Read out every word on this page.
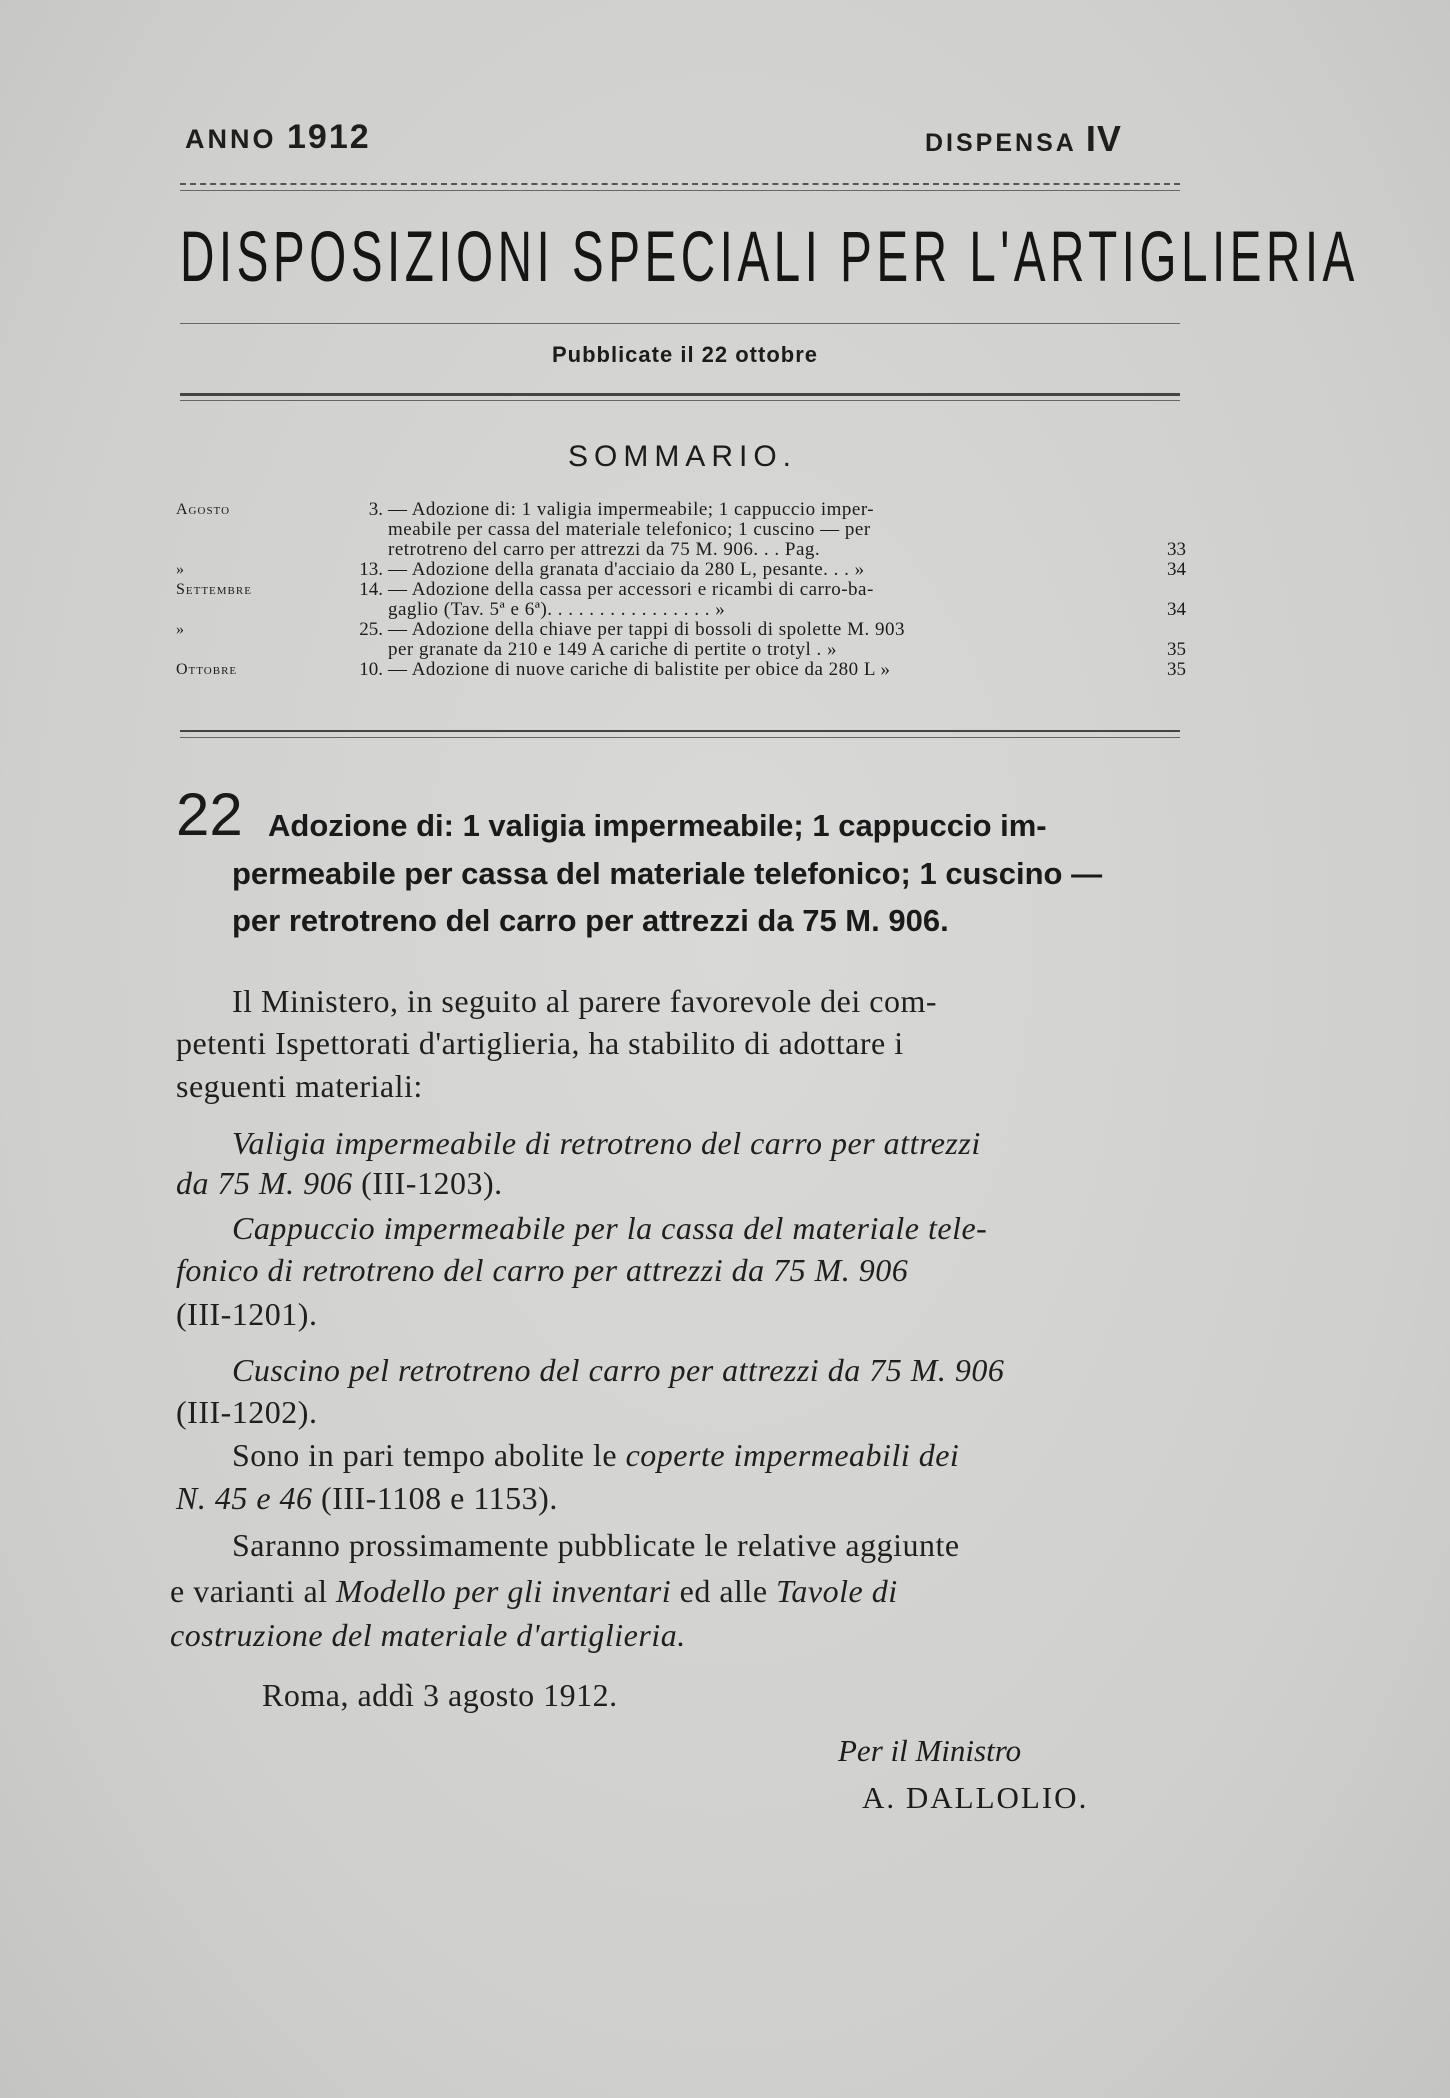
ANNO 1912	DISPENSA IV
DISPOSIZIONI SPECIALI PER L'ARTIGLIERIA
Pubblicate il 22 ottobre
SOMMARIO.
Agosto	3. — Adozione di: 1 valigia impermeabile; 1 cappuccio imper-
meabile per cassa del materiale telefonico; 1 cuscino — per
retrotreno del carro per attrezzi da 75 M. 906. . . Pag.	33
»	13. — Adozione della granata d'acciaio da 280 L, pesante. . . »	34
Settembre	14. — Adozione della cassa per accessori e ricambi di carro-ba-
gaglio (Tav. 5ª e 6ª). . . . . . . . . . . . . . . . »	34
»	25. — Adozione della chiave per tappi di bossoli di spolette M. 903
per granate da 210 e 149 A cariche di pertite o trotyl . »	35
Ottobre	10. — Adozione di nuove cariche di balistite per obice da 280 L »	35
22 Adozione di: 1 valigia impermeabile; 1 cappuccio im-
permeabile per cassa del materiale telefonico; 1 cuscino —
per retrotreno del carro per attrezzi da 75 M. 906.
Il Ministero, in seguito al parere favorevole dei com-
petenti Ispettorati d'artiglieria, ha stabilito di adottare i
seguenti materiali:
Valigia impermeabile di retrotreno del carro per attrezzi
da 75 M. 906 (III-1203).
Cappuccio impermeabile per la cassa del materiale tele-
fonico di retrotreno del carro per attrezzi da 75 M. 906
(III-1201).
Cuscino pel retrotreno del carro per attrezzi da 75 M. 906
(III-1202).
Sono in pari tempo abolite le coperte impermeabili dei
N. 45 e 46 (III-1108 e 1153).
Saranno prossimamente pubblicate le relative aggiunte
e varianti al Modello per gli inventari ed alle Tavole di
costruzione del materiale d'artiglieria.
Roma, addì 3 agosto 1912.
Per il Ministro
A. DALLOLIO.
